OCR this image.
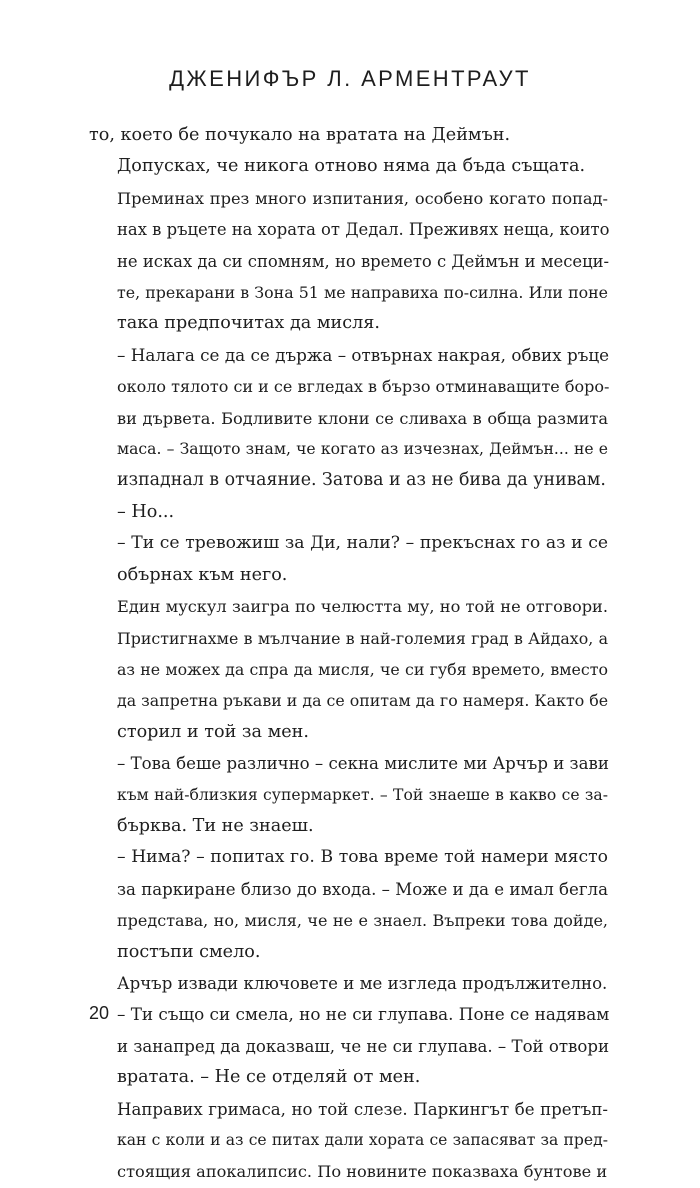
ДЖЕНИФЪР Л. АРМЕНТРАУТ

то, което бе почукало на вратата на Деймън.

Допусках, че никога отново няма да бъда същата.

Преминах през много изпитания, особено когато попад-
нах в ръцете на хората от Дедал. Преживях неща, които
не исках да си спомням, но времето с Деймън и месеци-
те, прекарани в Зона 51 ме направиха по-силна. Или поне
така предпочитах да мисля.

– Налага се да се държа – отвърнах накрая, обвих ръце
около тялото си и се вгледах в бързо отминаващите боро-
ви дървета. Бодливите клони се сливаха в обща размита
маса. – Защото знам, че когато аз изчезнах, Деймън... не е
изпаднал в отчаяние. Затова и аз не бива да унивам.

– Но...

– Ти се тревожиш за Ди, нали? – прекъснах го аз и се
обърнах към него.

Един мускул заигра по челюстта му, но той не отговори.
Пристигнахме в мълчание в най-големия град в Айдахо, а
аз не можех да спра да мисля, че си губя времето, вместо
да запретна ръкави и да се опитам да го намеря. Както бе
сторил и той за мен.

– Това беше различно – секна мислите ми Арчър и зави
към най-близкия супермаркет. – Той знаеше в какво се за-
бърква. Ти не знаеш.

– Нима? – попитах го. В това време той намери място
за паркиране близо до входа. – Може и да е имал бегла
представа, но, мисля, че не е знаел. Въпреки това дойде,
постъпи смело.

Арчър извади ключовете и ме изгледа продължително.

– Ти също си смела, но не си глупава. Поне се надявам
и занапред да доказваш, че не си глупава. – Той отвори
вратата. – Не се отделяй от мен.

Направих гримаса, но той слезе. Паркингът бе претъп-
кан с коли и аз се питах дали хората се запасяват за пред-
стоящия апокалипсис. По новините показваха бунтове и

20
